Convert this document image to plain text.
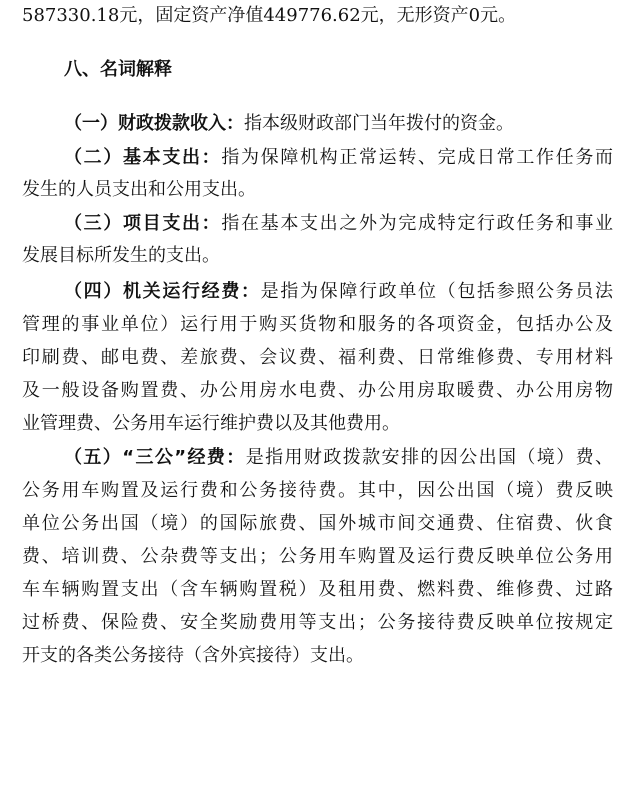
587330.18元，固定资产净值449776.62元，无形资产0元。
八、名词解释
（一）财政拨款收入：指本级财政部门当年拨付的资金。
（二）基本支出：指为保障机构正常运转、完成日常工作任务而
发生的人员支出和公用支出。
（三）项目支出：指在基本支出之外为完成特定行政任务和事业
发展目标所发生的支出。
（四）机关运行经费：是指为保障行政单位（包括参照公务员法
管理的事业单位）运行用于购买货物和服务的各项资金，包括办公及
印刷费、邮电费、差旅费、会议费、福利费、日常维修费、专用材料
及一般设备购置费、办公用房水电费、办公用房取暖费、办公用房物
业管理费、公务用车运行维护费以及其他费用。
（五）“三公”经费：是指用财政拨款安排的因公出国（境）费、
公务用车购置及运行费和公务接待费。其中，因公出国（境）费反映
单位公务出国（境）的国际旅费、国外城市间交通费、住宿费、伙食
费、培训费、公杂费等支出；公务用车购置及运行费反映单位公务用
车车辆购置支出（含车辆购置税）及租用费、燃料费、维修费、过路
过桥费、保险费、安全奖励费用等支出；公务接待费反映单位按规定
开支的各类公务接待（含外宾接待）支出。
